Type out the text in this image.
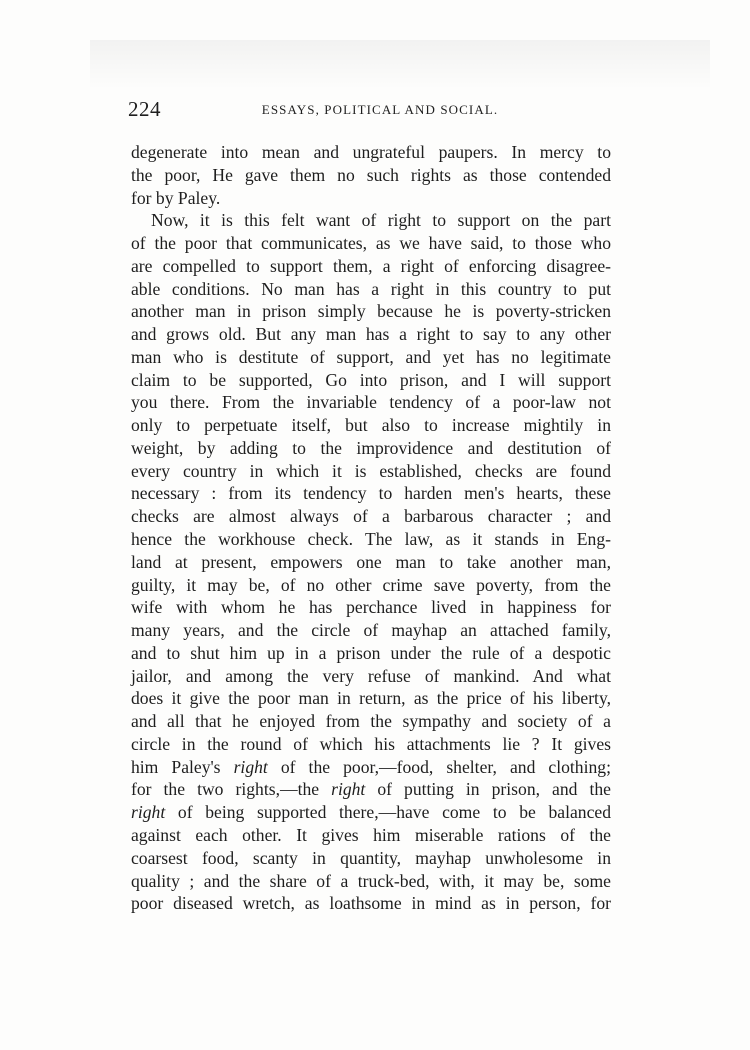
224	ESSAYS, POLITICAL AND SOCIAL.
degenerate into mean and ungrateful paupers. In mercy to
the poor, He gave them no such rights as those contended
for by Paley.
Now, it is this felt want of right to support on the part
of the poor that communicates, as we have said, to those who
are compelled to support them, a right of enforcing disagree-
able conditions. No man has a right in this country to put
another man in prison simply because he is poverty-stricken
and grows old. But any man has a right to say to any other
man who is destitute of support, and yet has no legitimate
claim to be supported, Go into prison, and I will support
you there. From the invariable tendency of a poor-law not
only to perpetuate itself, but also to increase mightily in
weight, by adding to the improvidence and destitution of
every country in which it is established, checks are found
necessary : from its tendency to harden men's hearts, these
checks are almost always of a barbarous character ; and
hence the workhouse check. The law, as it stands in Eng-
land at present, empowers one man to take another man,
guilty, it may be, of no other crime save poverty, from the
wife with whom he has perchance lived in happiness for
many years, and the circle of mayhap an attached family,
and to shut him up in a prison under the rule of a despotic
jailor, and among the very refuse of mankind. And what
does it give the poor man in return, as the price of his liberty,
and all that he enjoyed from the sympathy and society of a
circle in the round of which his attachments lie ? It gives
him Paley's right of the poor,—food, shelter, and clothing;
for the two rights,—the right of putting in prison, and the
right of being supported there,—have come to be balanced
against each other. It gives him miserable rations of the
coarsest food, scanty in quantity, mayhap unwholesome in
quality ; and the share of a truck-bed, with, it may be, some
poor diseased wretch, as loathsome in mind as in person, for
